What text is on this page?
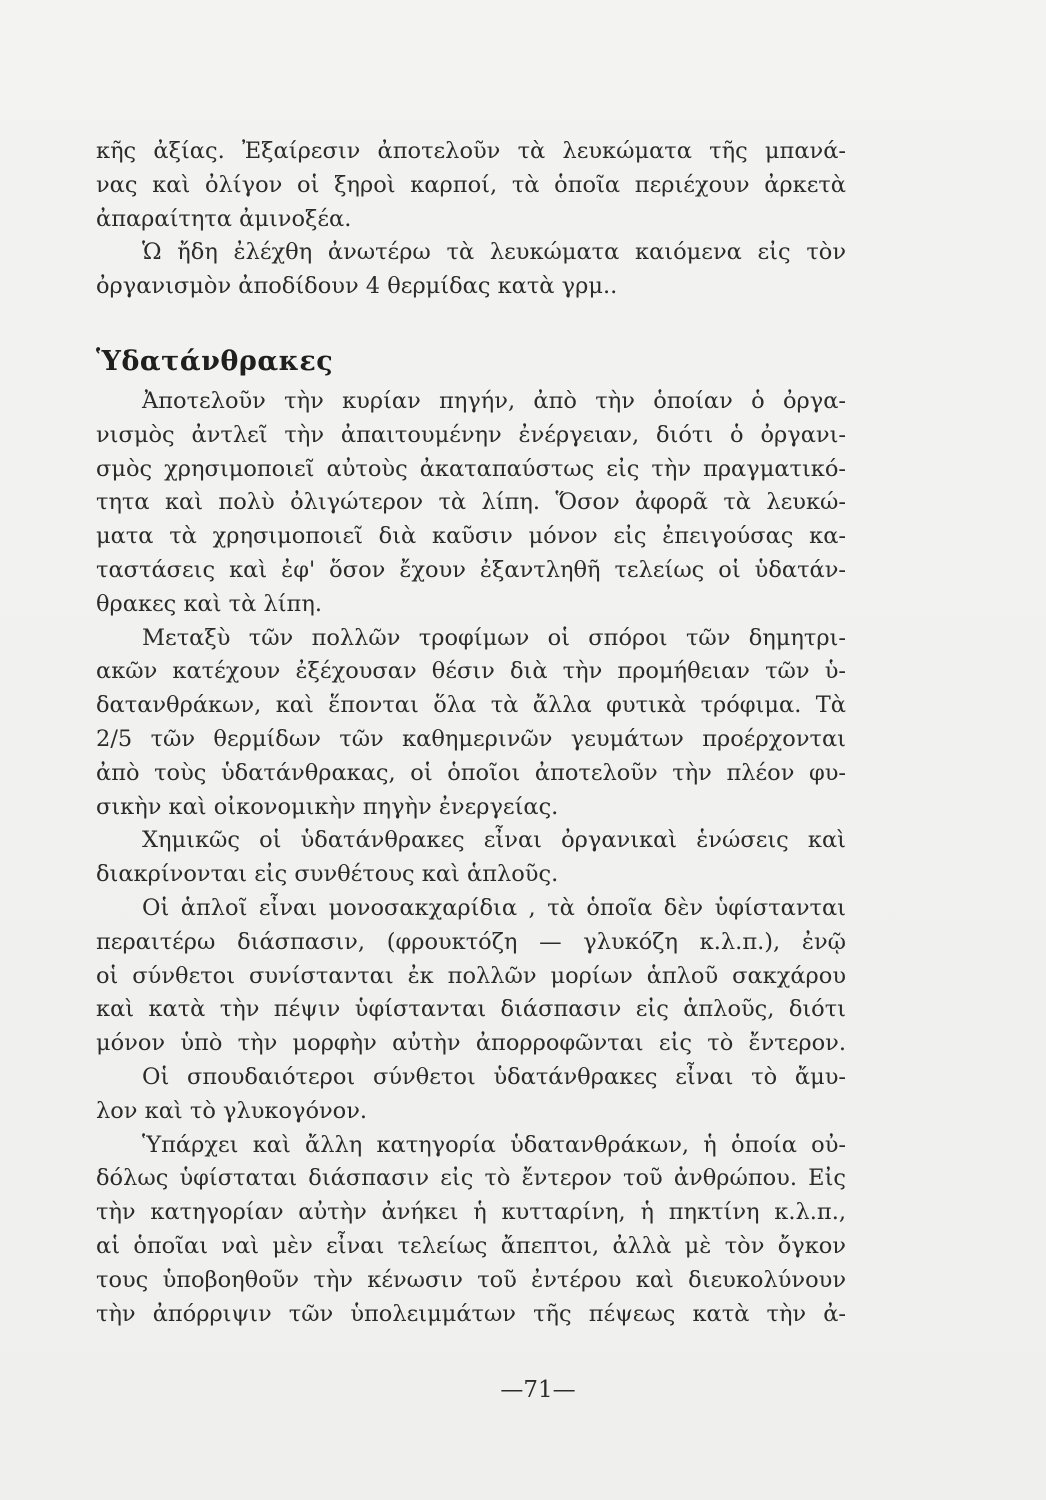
κῆς ἀξίας. Ἐξαίρεσιν ἀποτελοῦν τὰ λευκώματα τῆς μπανά-
νας καὶ ὀλίγον οἱ ξηροὶ καρποί, τὰ ὁποῖα περιέχουν ἀρκετὰ
ἀπαραίτητα ἀμινοξέα.
Ὡ ἤδη ἐλέχθη ἀνωτέρω τὰ λευκώματα καιόμενα εἰς τὸν
ὀργανισμὸν ἀποδίδουν 4 θερμίδας κατὰ γρμ..
Ὑδατάνθρακες
Ἀποτελοῦν τὴν κυρίαν πηγήν, ἀπὸ τὴν ὁποίαν ὁ ὀργα-
νισμὸς ἀντλεῖ τὴν ἀπαιτουμένην ἐνέργειαν, διότι ὁ ὀργανι-
σμὸς χρησιμοποιεῖ αὐτοὺς ἀκαταπαύστως εἰς τὴν πραγματικό-
τητα καὶ πολὺ ὀλιγώτερον τὰ λίπη. Ὅσον ἀφορᾶ τὰ λευκώ-
ματα τὰ χρησιμοποιεῖ διὰ καῦσιν μόνον εἰς ἐπειγούσας κα-
ταστάσεις καὶ ἐφ' ὅσον ἔχουν ἐξαντληθῆ τελείως οἱ ὑδατάν-
θρακες καὶ τὰ λίπη.
Μεταξὺ τῶν πολλῶν τροφίμων οἱ σπόροι τῶν δημητρι-
ακῶν κατέχουν ἐξέχουσαν θέσιν διὰ τὴν προμήθειαν τῶν ὑ-
δατανθράκων, καὶ ἕπονται ὅλα τὰ ἄλλα φυτικὰ τρόφιμα. Τὰ
2/5 τῶν θερμίδων τῶν καθημερινῶν γευμάτων προέρχονται
ἀπὸ τοὺς ὑδατάνθρακας, οἱ ὁποῖοι ἀποτελοῦν τὴν πλέον φυ-
σικὴν καὶ οἰκονομικὴν πηγὴν ἐνεργείας.
Χημικῶς οἱ ὑδατάνθρακες εἶναι ὀργανικαὶ ἑνώσεις καὶ
διακρίνονται εἰς συνθέτους καὶ ἁπλοῦς.
Οἱ ἁπλοῖ εἶναι μονοσακχαρίδια , τὰ ὁποῖα δὲν ὑφίστανται
περαιτέρω διάσπασιν, (φρουκτόζη — γλυκόζη κ.λ.π.), ἐνῷ
οἱ σύνθετοι συνίστανται ἐκ πολλῶν μορίων ἁπλοῦ σακχάρου
καὶ κατὰ τὴν πέψιν ὑφίστανται διάσπασιν εἰς ἁπλοῦς, διότι
μόνον ὑπὸ τὴν μορφὴν αὐτὴν ἀπορροφῶνται εἰς τὸ ἔντερον.
Οἱ σπουδαιότεροι σύνθετοι ὑδατάνθρακες εἶναι τὸ ἄμυ-
λον καὶ τὸ γλυκογόνον.
Ὑπάρχει καὶ ἄλλη κατηγορία ὑδατανθράκων, ἡ ὁποία οὐ-
δόλως ὑφίσταται διάσπασιν εἰς τὸ ἔντερον τοῦ ἀνθρώπου. Εἰς
τὴν κατηγορίαν αὐτὴν ἀνήκει ἡ κυτταρίνη, ἡ πηκτίνη κ.λ.π.,
αἱ ὁποῖαι ναὶ μὲν εἶναι τελείως ἄπεπτοι, ἀλλὰ μὲ τὸν ὄγκον
τους ὑποβοηθοῦν τὴν κένωσιν τοῦ ἐντέρου καὶ διευκολύνουν
τὴν ἀπόρριψιν τῶν ὑπολειμμάτων τῆς πέψεως κατὰ τὴν ἀ-
—71—
